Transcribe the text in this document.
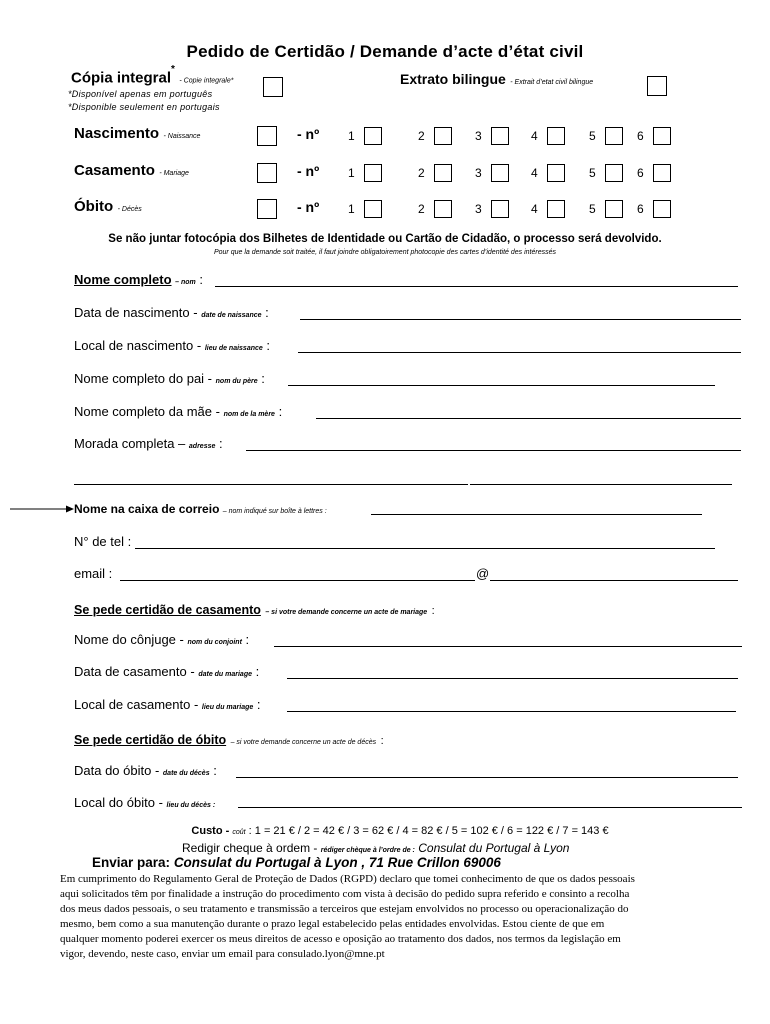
Pedido de Certidão / Demande d’acte d’état civil
Cópia integral* - Copie integrale*
*Disponível apenas em português
*Disponible seulement en portugais
Extrato bilingue - Extrait d’etat civil bilingue
Nascimento - Naissance	- nº 1	2	3	4	5	6
Casamento - Mariage	- nº 1	2	3	4	5	6
Óbito - Décès	- nº 1	2	3	4	5	6
Se não juntar fotocópia dos Bilhetes de Identidade ou Cartão de Cidadão, o processo será devolvido.
Pour que la demande soit traitée, il faut joindre obligatoirement photocopie des cartes d’identité des intéressés
Nome completo – nom :
Data de nascimento - date de naissance :
Local de nascimento - lieu de naissance :
Nome completo do pai - nom du père :
Nome completo da mãe - nom de la mère :
Morada completa – adresse :
Nome na caixa de correio – nom indiqué sur boîte à lettres :
N° de tel :
email :	@
Se pede certidão de casamento – si votre demande concerne un acte de mariage :
Nome do cônjuge - nom du conjoint :
Data de casamento - date du mariage :
Local de casamento - lieu du mariage :
Se pede certidão de óbito – si votre demande concerne un acte de décès :
Data do óbito - date du décès :
Local do óbito - lieu du décès :
Custo - coût : 1 = 21 € / 2 = 42 € / 3 = 62 € / 4 = 82 € / 5 = 102 € / 6 = 122 € / 7 = 143 €
Redigir cheque à ordem - rédiger chèque à l’ordre de : Consulat du Portugal à Lyon
Enviar para: Consulat du Portugal à Lyon , 71 Rue Crillon 69006
Em cumprimento do Regulamento Geral de Proteção de Dados (RGPD) declaro que tomei conhecimento de que os dados pessoais
aqui solicitados têm por finalidade a instrução do procedimento com vista à decisão do pedido supra referido e consinto a recolha
dos meus dados pessoais, o seu tratamento e transmissão a terceiros que estejam envolvidos no processo ou operacionalização do
mesmo, bem como a sua manutenção durante o prazo legal estabelecido pelas entidades envolvidas. Estou ciente de que em
qualquer momento poderei exercer os meus direitos de acesso e oposição ao tratamento dos dados, nos termos da legislação em
vigor, devendo, neste caso, enviar um email para consulado.lyon@mne.pt
